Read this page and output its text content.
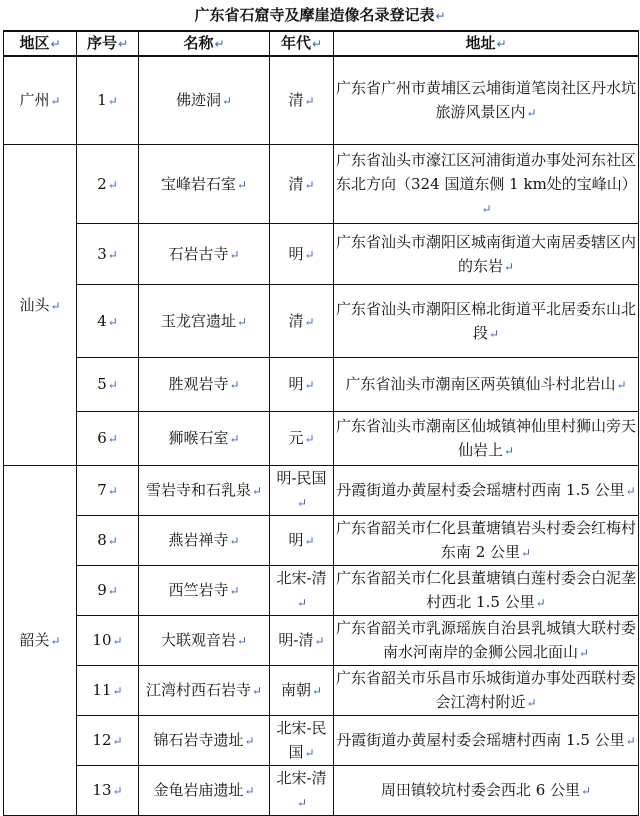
广东省石窟寺及摩崖造像名录登记表↵
地区↵	序号↵	名称↵	年代↵	地址↵
广州↵	1↵	佛迹洞↵	清↵	广东省广州市黄埔区云埔街道笔岗社区丹水坑旅游风景区内↵
汕头↵	2↵	宝峰岩石室↵	清↵	广东省汕头市濠江区河浦街道办事处河东社区东北方向（324 国道东侧 1 km处的宝峰山）↵
	3↵	石岩古寺↵	明↵	广东省汕头市潮阳区城南街道大南居委辖区内的东岩↵
	4↵	玉龙宫遗址↵	清↵	广东省汕头市潮阳区棉北街道平北居委东山北段↵
	5↵	胜观岩寺↵	明↵	广东省汕头市潮南区两英镇仙斗村北岩山↵
	6↵	狮喉石室↵	元↵	广东省汕头市潮南区仙城镇神仙里村狮山旁天仙岩上↵
韶关↵	7↵	雪岩寺和石乳泉↵	明-民国↵	丹霞街道办黄屋村委会瑶塘村西南 1.5 公里↵
	8↵	燕岩禅寺↵	明↵	广东省韶关市仁化县董塘镇岩头村委会红梅村东南 2 公里↵
	9↵	西竺岩寺↵	北宋-清↵	广东省韶关市仁化县董塘镇白莲村委会白泥垄村西北 1.5 公里↵
	10↵	大联观音岩↵	明-清↵	广东省韶关市乳源瑶族自治县乳城镇大联村委南水河南岸的金狮公园北面山↵
	11↵	江湾村西石岩寺↵	南朝↵	广东省韶关市乐昌市乐城街道办事处西联村委会江湾村附近↵
	12↵	锦石岩寺遗址↵	北宋-民国↵	丹霞街道办黄屋村委会瑶塘村西南 1.5 公里↵
	13↵	金龟岩庙遗址↵	北宋-清↵	周田镇较坑村委会西北 6 公里↵
